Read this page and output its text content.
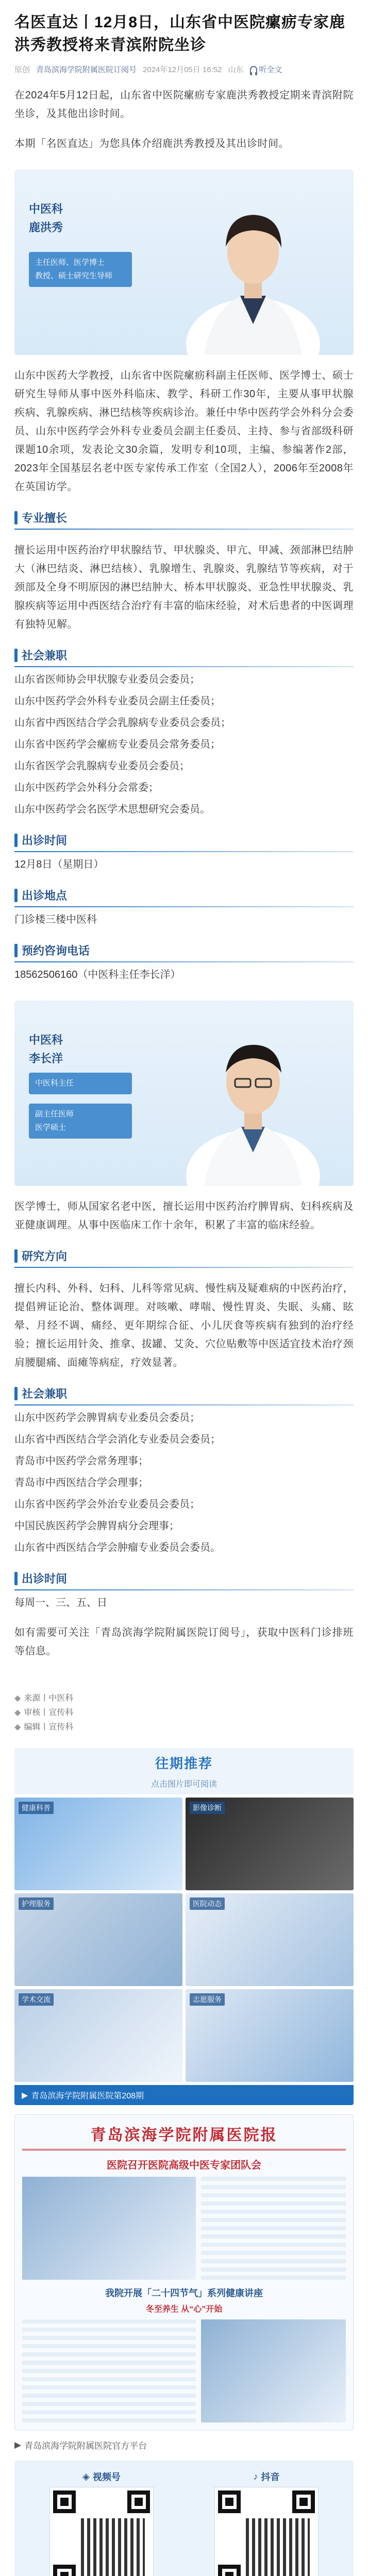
名医直达丨12月8日，山东省中医院瘰疬专家鹿洪秀教授将来青滨附院坐诊
原创 青岛滨海学院附属医院订阅号 2024年12月05日 16:52 山东 听全文

在2024年5月12日起，山东省中医院瘰疬专家鹿洪秀教授定期来青滨附院坐诊，及其他出诊时间。

本期「名医直达」为您具体介绍鹿洪秀教授及其出诊时间。

中医科
鹿洪秀
主任医师、医学博士
教授、硕士研究生导师

山东中医药大学教授，山东省中医院瘰疬科副主任医师、医学博士、硕士研究生导师从事中医外科临床、教学、科研工作30年，主要从事甲状腺疾病、乳腺疾病、淋巴结核等疾病诊治。兼任中华中医药学会外科分会委员、山东中医药学会外科专业委员会副主任委员、主持、参与省部级科研课题10余项，发表论文30余篇，发明专利10项，主编、参编著作2部，2023年全国基层名老中医专家传承工作室（全国2人），2006年至2008年在英国访学。

专业擅长

擅长运用中医药治疗甲状腺结节、甲状腺炎、甲亢、甲减、颈部淋巴结肿大（淋巴结炎、淋巴结核）、乳腺增生、乳腺炎、乳腺结节等疾病，对于颈部及全身不明原因的淋巴结肿大、桥本甲状腺炎、亚急性甲状腺炎、乳腺疾病等运用中西医结合治疗有丰富的临床经验，对术后患者的中医调理有独特见解。

社会兼职

山东省医师协会甲状腺专业委员会委员；

山东中医药学会外科专业委员会副主任委员；

山东省中西医结合学会乳腺病专业委员会委员；

山东省中医药学会瘰疬专业委员会常务委员；

山东省医学会乳腺病专业委员会委员；

山东中医药学会外科分会常委；

山东中医药学会名医学术思想研究会委员。

出诊时间

12月8日（星期日）

出诊地点

门诊楼三楼中医科

预约咨询电话

18562506160（中医科主任李长洋）

中医科
李长洋
中医科主任
副主任医师
医学硕士

医学博士，师从国家名老中医，擅长运用中医药治疗脾胃病、妇科疾病及亚健康调理。从事中医临床工作十余年，积累了丰富的临床经验。

研究方向

擅长内科、外科、妇科、儿科等常见病、慢性病及疑难病的中医药治疗，提倡辨证论治、整体调理。对咳嗽、哮喘、慢性胃炎、失眠、头痛、眩晕、月经不调、痛经、更年期综合征、小儿厌食等疾病有独到的治疗经验；擅长运用针灸、推拿、拔罐、艾灸、穴位贴敷等中医适宜技术治疗颈肩腰腿痛、面瘫等病症，疗效显著。

社会兼职

山东中医药学会脾胃病专业委员会委员；

山东省中西医结合学会消化专业委员会委员；

青岛市中医药学会常务理事；

青岛市中西医结合学会理事；

山东省中医药学会外治专业委员会委员；

中国民族医药学会脾胃病分会理事；

山东省中西医结合学会肿瘤专业委员会委员。

出诊时间

每周一、三、五、日

如有需要可关注「青岛滨海学院附属医院订阅号」，获取中医科门诊排班等信息。

◆ 来源丨中医科
◆ 审核丨宣传科
◆ 编辑丨宣传科
往期推荐
点击图片即可阅读
健康科普	影像诊断
护理服务	医院动态
学术交流	志愿服务
▶ 青岛滨海学院附属医院第208期
青岛滨海学院附属医院报
医院召开医院高级中医专家团队会
我院开展「二十四节气」系列健康讲座
冬至养生 从“心”开始
▶ 青岛滨海学院附属医院官方平台
◈ 视频号	♪ 抖音
